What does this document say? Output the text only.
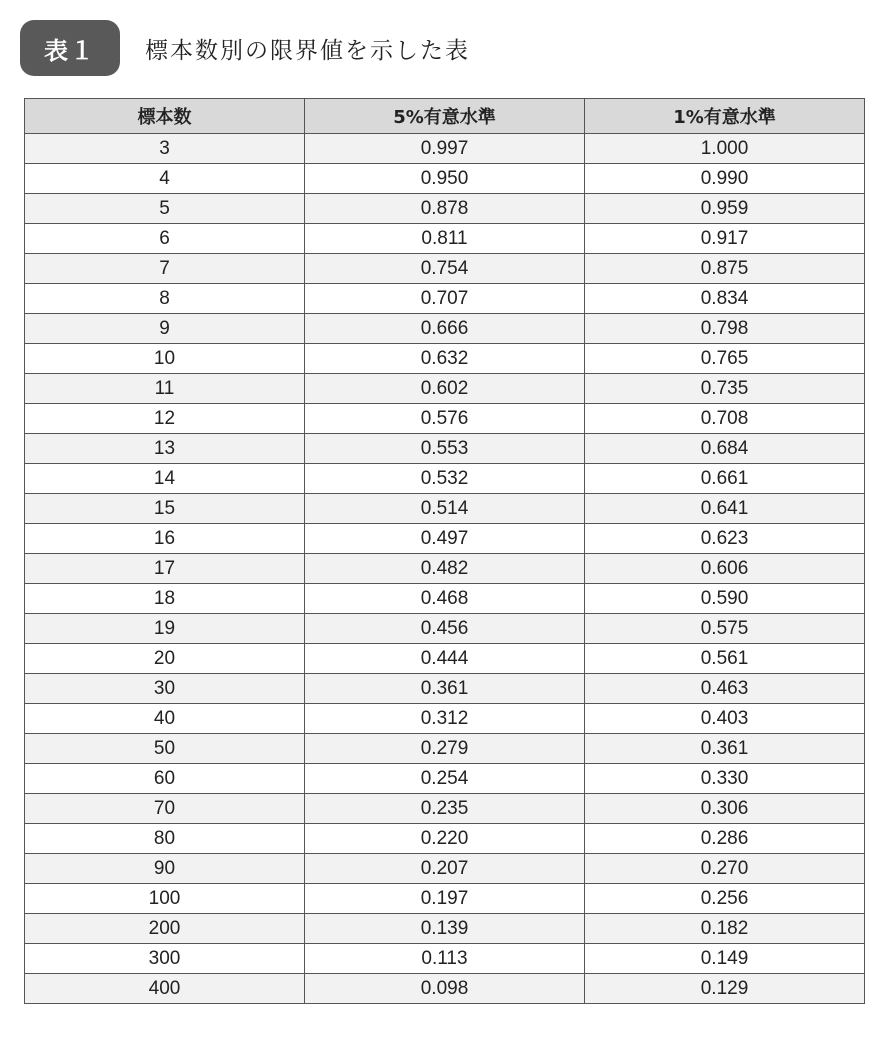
表１	標本数別の限界値を示した表
標本数	5%有意水準	1%有意水準
3	0.997	1.000
4	0.950	0.990
5	0.878	0.959
6	0.811	0.917
7	0.754	0.875
8	0.707	0.834
9	0.666	0.798
10	0.632	0.765
11	0.602	0.735
12	0.576	0.708
13	0.553	0.684
14	0.532	0.661
15	0.514	0.641
16	0.497	0.623
17	0.482	0.606
18	0.468	0.590
19	0.456	0.575
20	0.444	0.561
30	0.361	0.463
40	0.312	0.403
50	0.279	0.361
60	0.254	0.330
70	0.235	0.306
80	0.220	0.286
90	0.207	0.270
100	0.197	0.256
200	0.139	0.182
300	0.113	0.149
400	0.098	0.129
